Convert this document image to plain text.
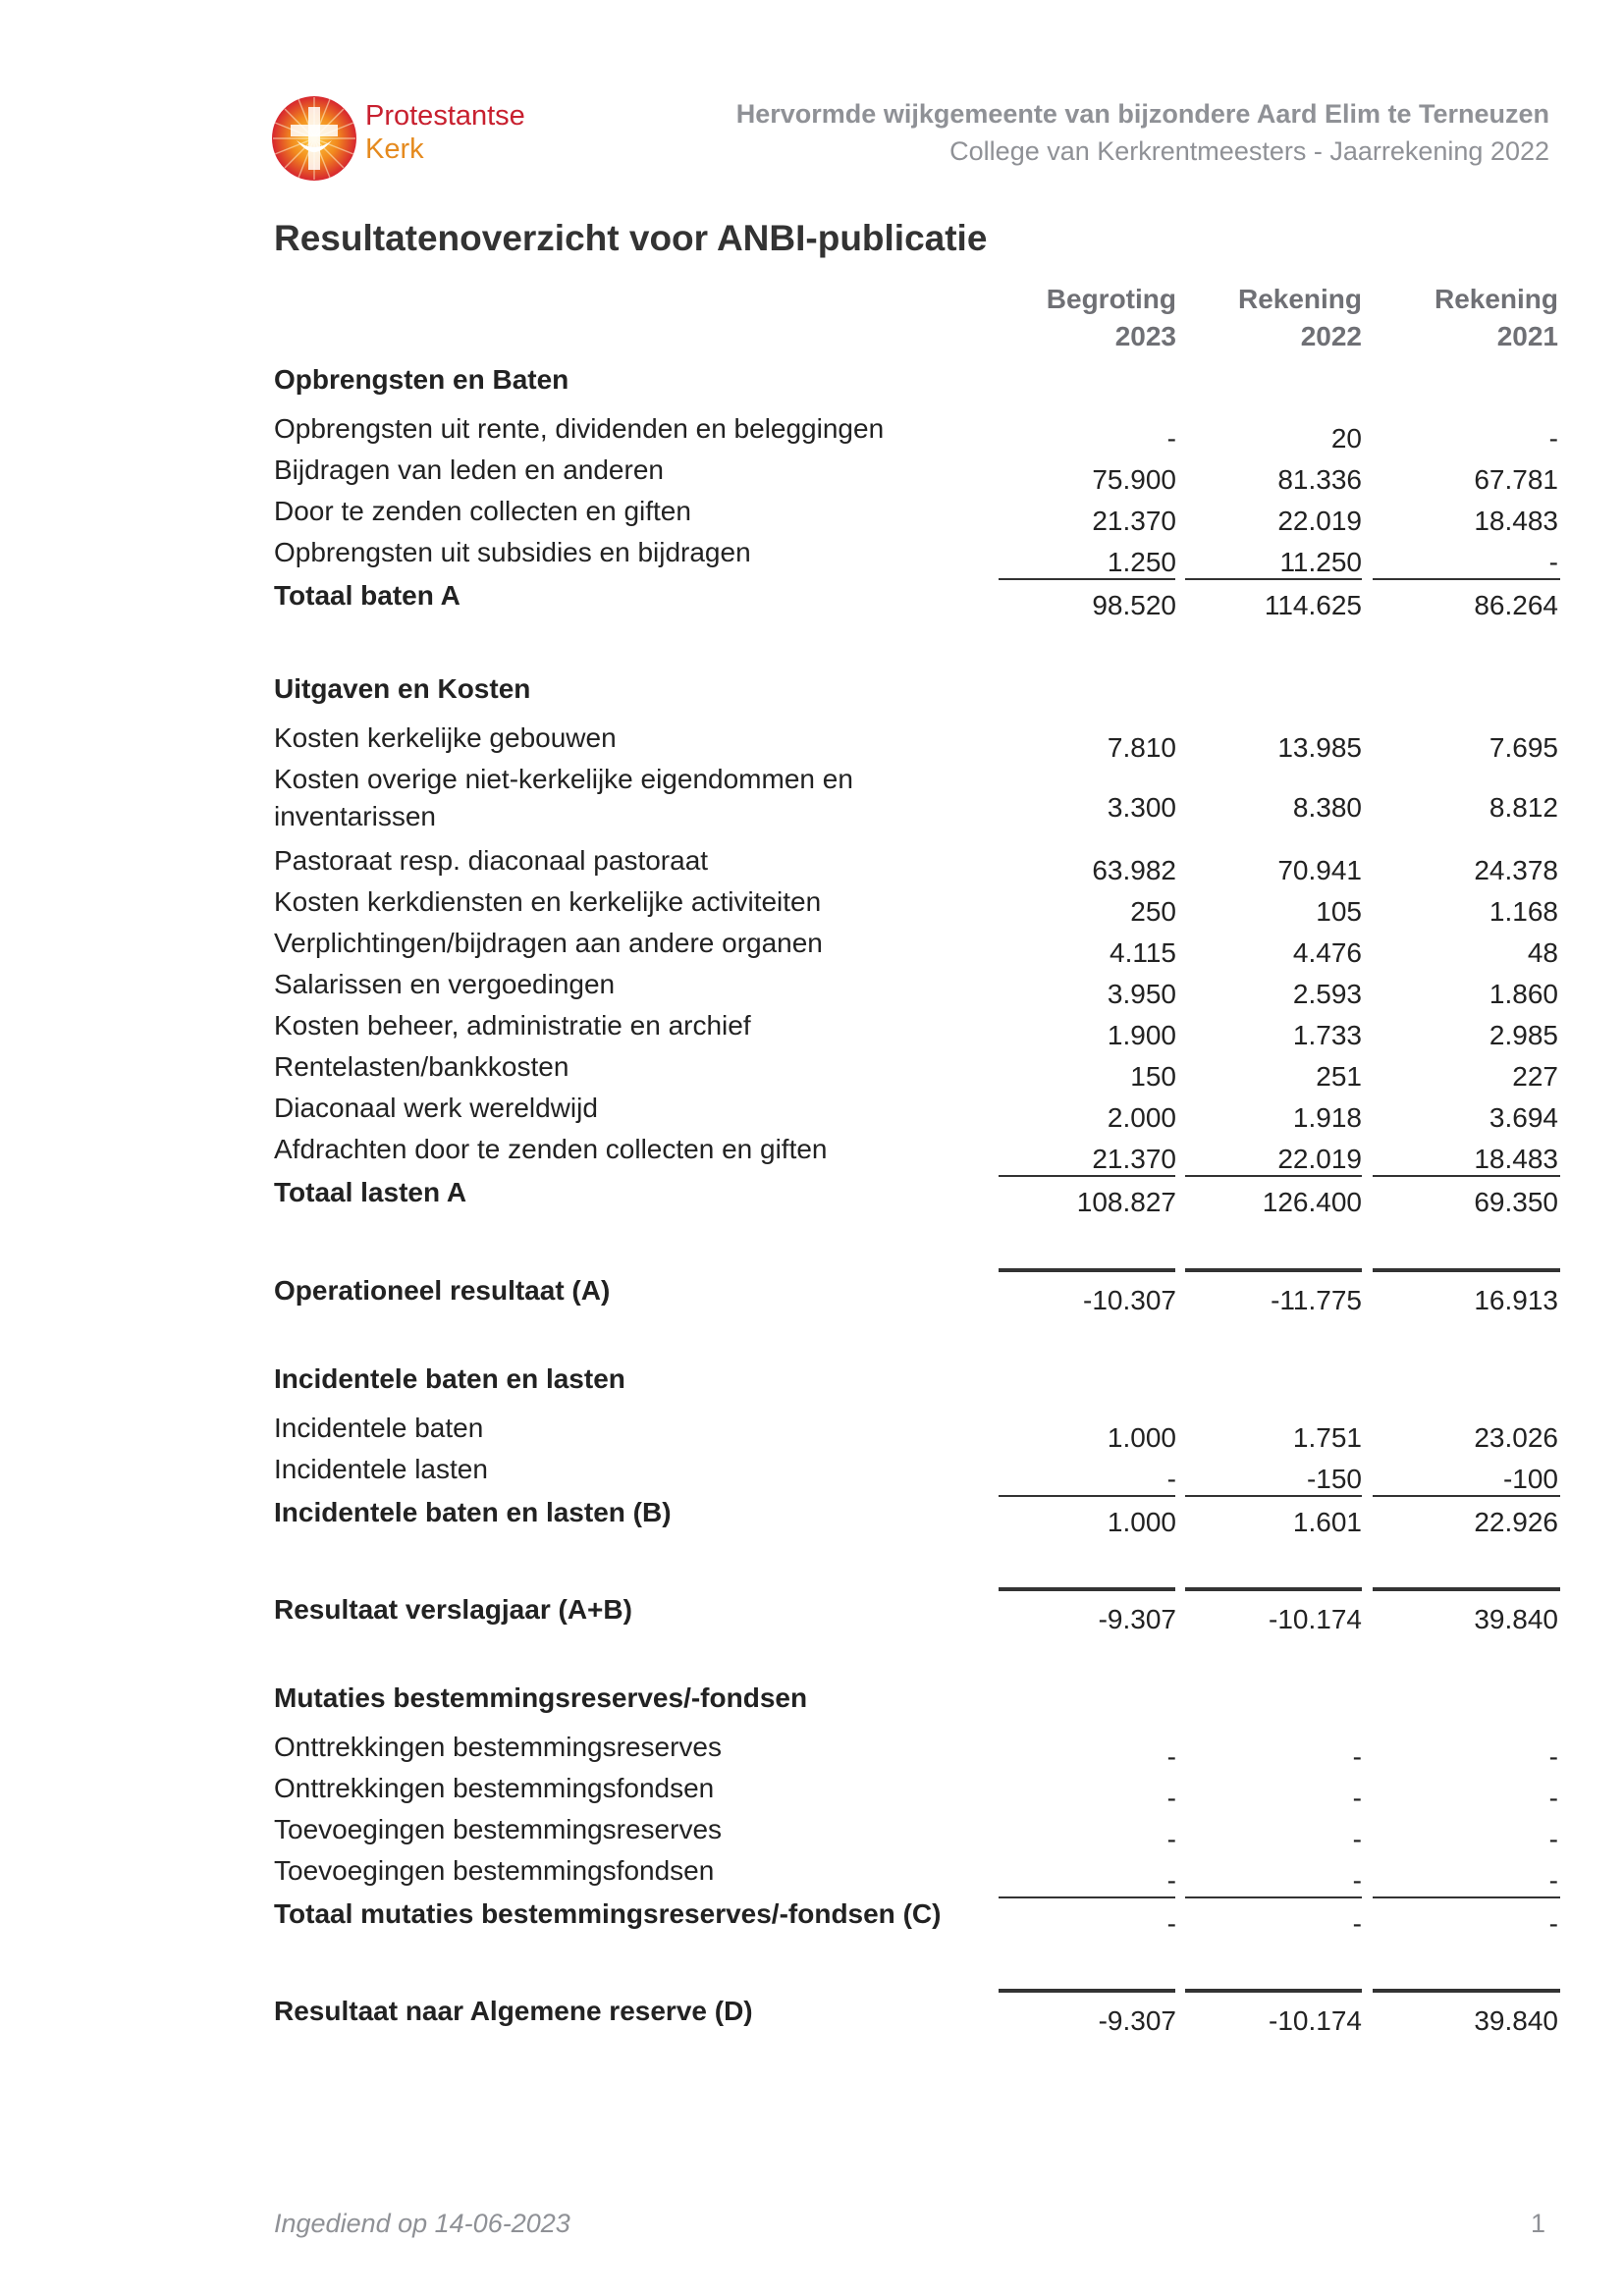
Protestantse
Kerk
Hervormde wijkgemeente van bijzondere Aard Elim te Terneuzen
College van Kerkrentmeesters - Jaarrekening 2022
Resultatenoverzicht voor ANBI-publicatie
Begroting
2023
Rekening
2022
Rekening
2021
Opbrengsten en Baten
Opbrengsten uit rente, dividenden en beleggingen	-	20	-
Bijdragen van leden en anderen	75.900	81.336	67.781
Door te zenden collecten en giften	21.370	22.019	18.483
Opbrengsten uit subsidies en bijdragen	1.250	11.250	-
Totaal baten A	98.520	114.625	86.264
Uitgaven en Kosten
Kosten kerkelijke gebouwen	7.810	13.985	7.695
Kosten overige niet-kerkelijke eigendommen en inventarissen	3.300	8.380	8.812
Pastoraat resp. diaconaal pastoraat	63.982	70.941	24.378
Kosten kerkdiensten en kerkelijke activiteiten	250	105	1.168
Verplichtingen/bijdragen aan andere organen	4.115	4.476	48
Salarissen en vergoedingen	3.950	2.593	1.860
Kosten beheer, administratie en archief	1.900	1.733	2.985
Rentelasten/bankkosten	150	251	227
Diaconaal werk wereldwijd	2.000	1.918	3.694
Afdrachten door te zenden collecten en giften	21.370	22.019	18.483
Totaal lasten A	108.827	126.400	69.350
Operationeel resultaat (A)	-10.307	-11.775	16.913
Incidentele baten en lasten
Incidentele baten	1.000	1.751	23.026
Incidentele lasten	-	-150	-100
Incidentele baten en lasten (B)	1.000	1.601	22.926
Resultaat verslagjaar (A+B)	-9.307	-10.174	39.840
Mutaties bestemmingsreserves/-fondsen
Onttrekkingen bestemmingsreserves	-	-	-
Onttrekkingen bestemmingsfondsen	-	-	-
Toevoegingen bestemmingsreserves	-	-	-
Toevoegingen bestemmingsfondsen	-	-	-
Totaal mutaties bestemmingsreserves/-fondsen (C)	-	-	-
Resultaat naar Algemene reserve (D)	-9.307	-10.174	39.840
Ingediend op 14-06-2023	1
